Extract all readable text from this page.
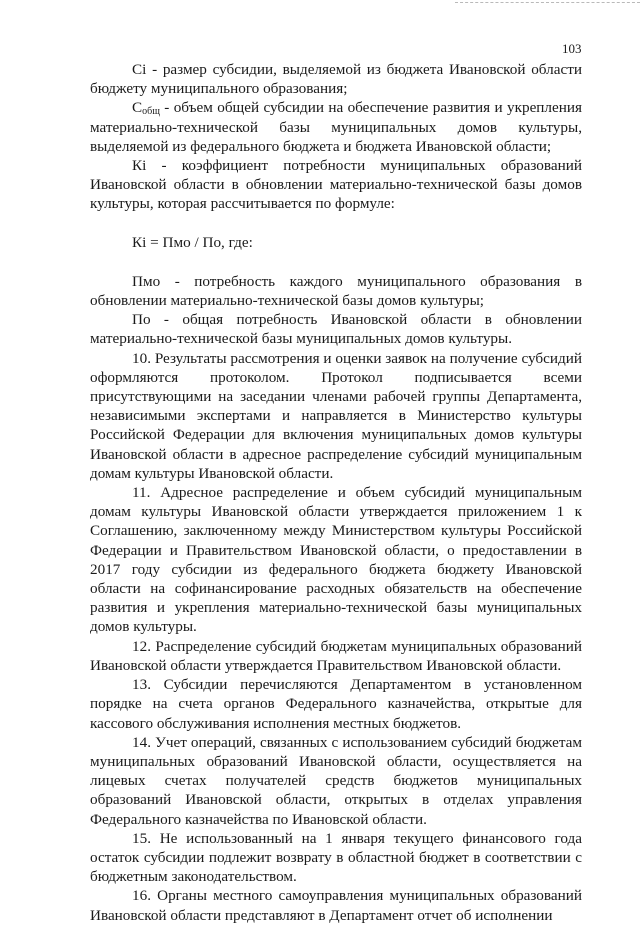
103

Сi - размер субсидии, выделяемой из бюджета Ивановской области бюджету муниципального образования;

$С_{общ}$ - объем общей субсидии на обеспечение развития и укрепления материально-технической базы муниципальных домов культуры, выделяемой из федерального бюджета и бюджета Ивановской области;

Кi - коэффициент потребности муниципальных образований Ивановской области в обновлении материально-технической базы домов культуры, которая рассчитывается по формуле:

Кi = Пмо / По, где:

Пмо - потребность каждого муниципального образования в обновлении материально-технической базы домов культуры;

По - общая потребность Ивановской области в обновлении материально-технической базы муниципальных домов культуры.

10. Результаты рассмотрения и оценки заявок на получение субсидий оформляются протоколом. Протокол подписывается всеми присутствующими на заседании членами рабочей группы Департамента, независимыми экспертами и направляется в Министерство культуры Российской Федерации для включения муниципальных домов культуры Ивановской области в адресное распределение субсидий муниципальным домам культуры Ивановской области.

11. Адресное распределение и объем субсидий муниципальным домам культуры Ивановской области утверждается приложением 1 к Соглашению, заключенному между Министерством культуры Российской Федерации и Правительством Ивановской области, о предоставлении в 2017 году субсидии из федерального бюджета бюджету Ивановской области на софинансирование расходных обязательств на обеспечение развития и укрепления материально-технической базы муниципальных домов культуры.

12. Распределение субсидий бюджетам муниципальных образований Ивановской области утверждается Правительством Ивановской области.

13. Субсидии перечисляются Департаментом в установленном порядке на счета органов Федерального казначейства, открытые для кассового обслуживания исполнения местных бюджетов.

14. Учет операций, связанных с использованием субсидий бюджетам муниципальных образований Ивановской области, осуществляется на лицевых счетах получателей средств бюджетов муниципальных образований Ивановской области, открытых в отделах управления Федерального казначейства по Ивановской области.

15. Не использованный на 1 января текущего финансового года остаток субсидии подлежит возврату в областной бюджет в соответствии с бюджетным законодательством.

16. Органы местного самоуправления муниципальных образований Ивановской области представляют в Департамент отчет об исполнении
